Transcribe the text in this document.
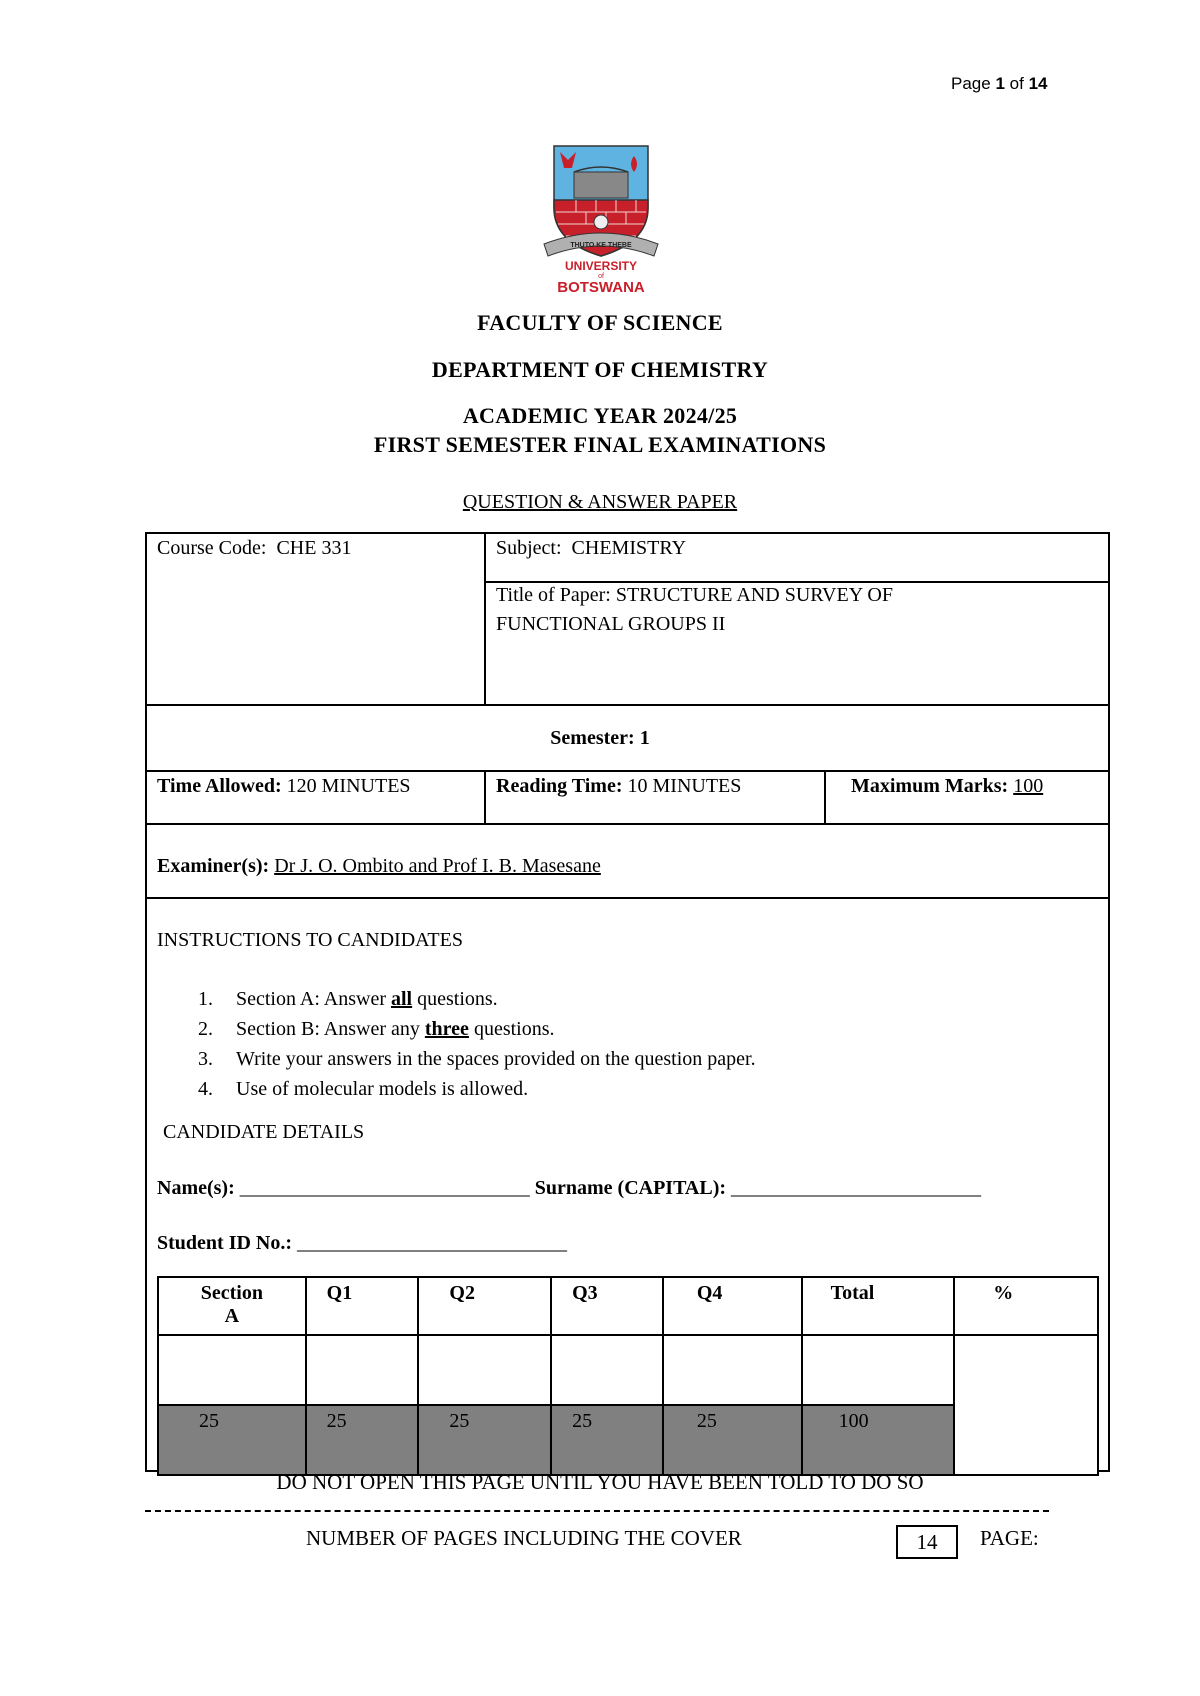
Page 1 of 14
THUTO KE THEBE
UNIVERSITY
of
BOTSWANA
FACULTY OF SCIENCE
DEPARTMENT OF CHEMISTRY
ACADEMIC YEAR 2024/25
FIRST SEMESTER FINAL EXAMINATIONS
QUESTION & ANSWER PAPER
Course Code: CHE 331	Subject: CHEMISTRY
Title of Paper: STRUCTURE AND SURVEY OF
FUNCTIONAL GROUPS II
Semester: 1
Time Allowed: 120 MINUTES	Reading Time: 10 MINUTES	Maximum Marks: 100
Examiner(s): Dr J. O. Ombito and Prof I. B. Masesane
INSTRUCTIONS TO CANDIDATES
1. Section A: Answer all questions.
2. Section B: Answer any three questions.
3. Write your answers in the spaces provided on the question paper.
4. Use of molecular models is allowed.
CANDIDATE DETAILS
Name(s): _____________________________ Surname (CAPITAL): _________________________
Student ID No.: ___________________________
Section
A	Q1	Q2	Q3	Q4	Total	%

25	25	25	25	25	100	
DO NOT OPEN THIS PAGE UNTIL YOU HAVE BEEN TOLD TO DO SO
NUMBER OF PAGES INCLUDING THE COVER	14	PAGE:
